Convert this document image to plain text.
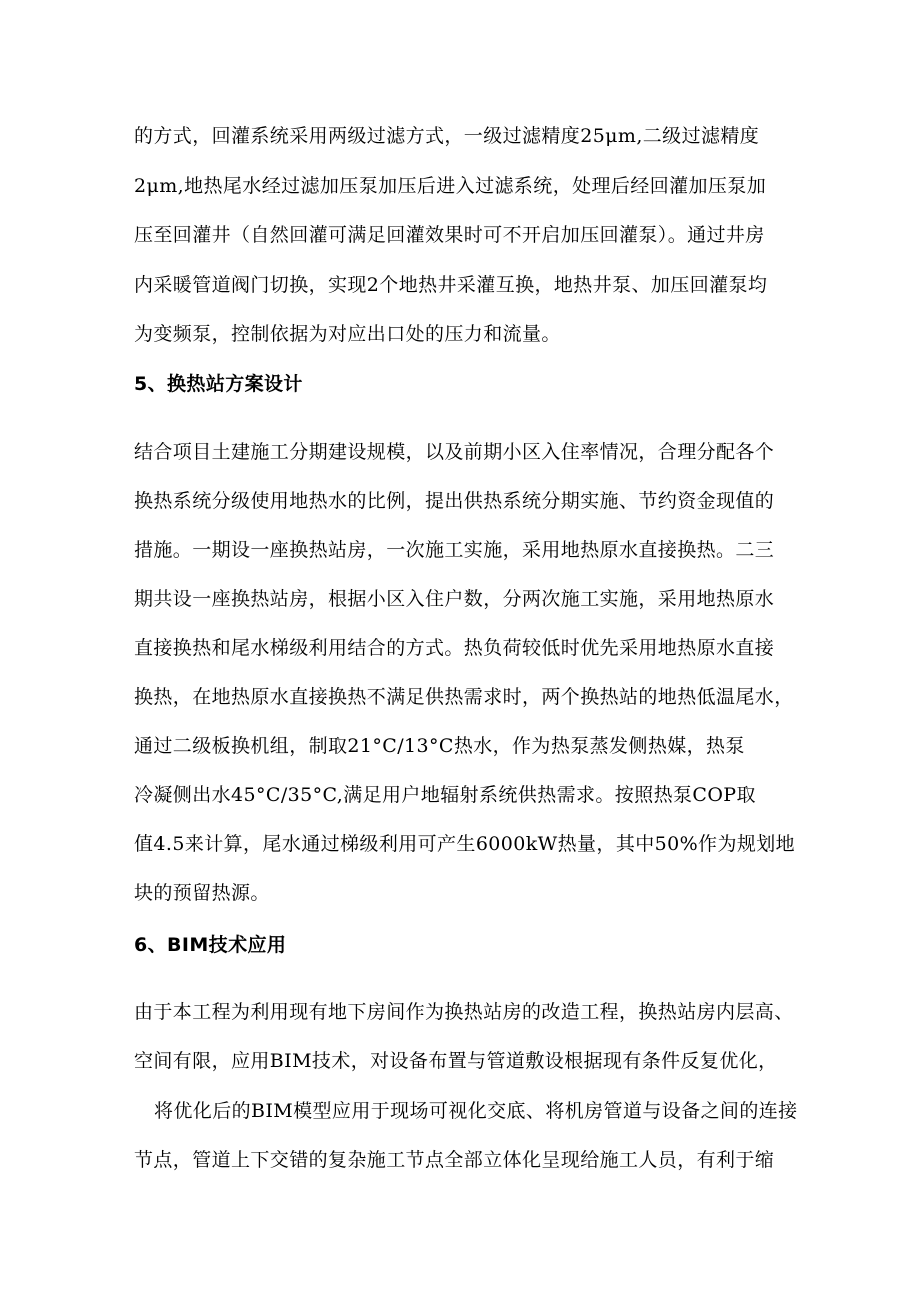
的方式，回灌系统采用两级过滤方式，一级过滤精度25μm,二级过滤精度
2μm,地热尾水经过滤加压泵加压后进入过滤系统，处理后经回灌加压泵加
压至回灌井（自然回灌可满足回灌效果时可不开启加压回灌泵）。通过井房
内采暖管道阀门切换，实现2个地热井采灌互换，地热井泵、加压回灌泵均
为变频泵，控制依据为对应出口处的压力和流量。
5、换热站方案设计
结合项目土建施工分期建设规模，以及前期小区入住率情况，合理分配各个
换热系统分级使用地热水的比例，提出供热系统分期实施、节约资金现值的
措施。一期设一座换热站房，一次施工实施，采用地热原水直接换热。二三
期共设一座换热站房，根据小区入住户数，分两次施工实施，采用地热原水
直接换热和尾水梯级利用结合的方式。热负荷较低时优先采用地热原水直接
换热，在地热原水直接换热不满足供热需求时，两个换热站的地热低温尾水，
通过二级板换机组，制取21°C/13°C热水，作为热泵蒸发侧热媒，热泵
冷凝侧出水45°C/35°C,满足用户地辐射系统供热需求。按照热泵COP取
值4.5来计算，尾水通过梯级利用可产生6000kW热量，其中50%作为规划地
块的预留热源。
6、BIM技术应用
由于本工程为利用现有地下房间作为换热站房的改造工程，换热站房内层高、
空间有限，应用BIM技术，对设备布置与管道敷设根据现有条件反复优化，
将优化后的BIM模型应用于现场可视化交底、将机房管道与设备之间的连接
节点，管道上下交错的复杂施工节点全部立体化呈现给施工人员，有利于缩
